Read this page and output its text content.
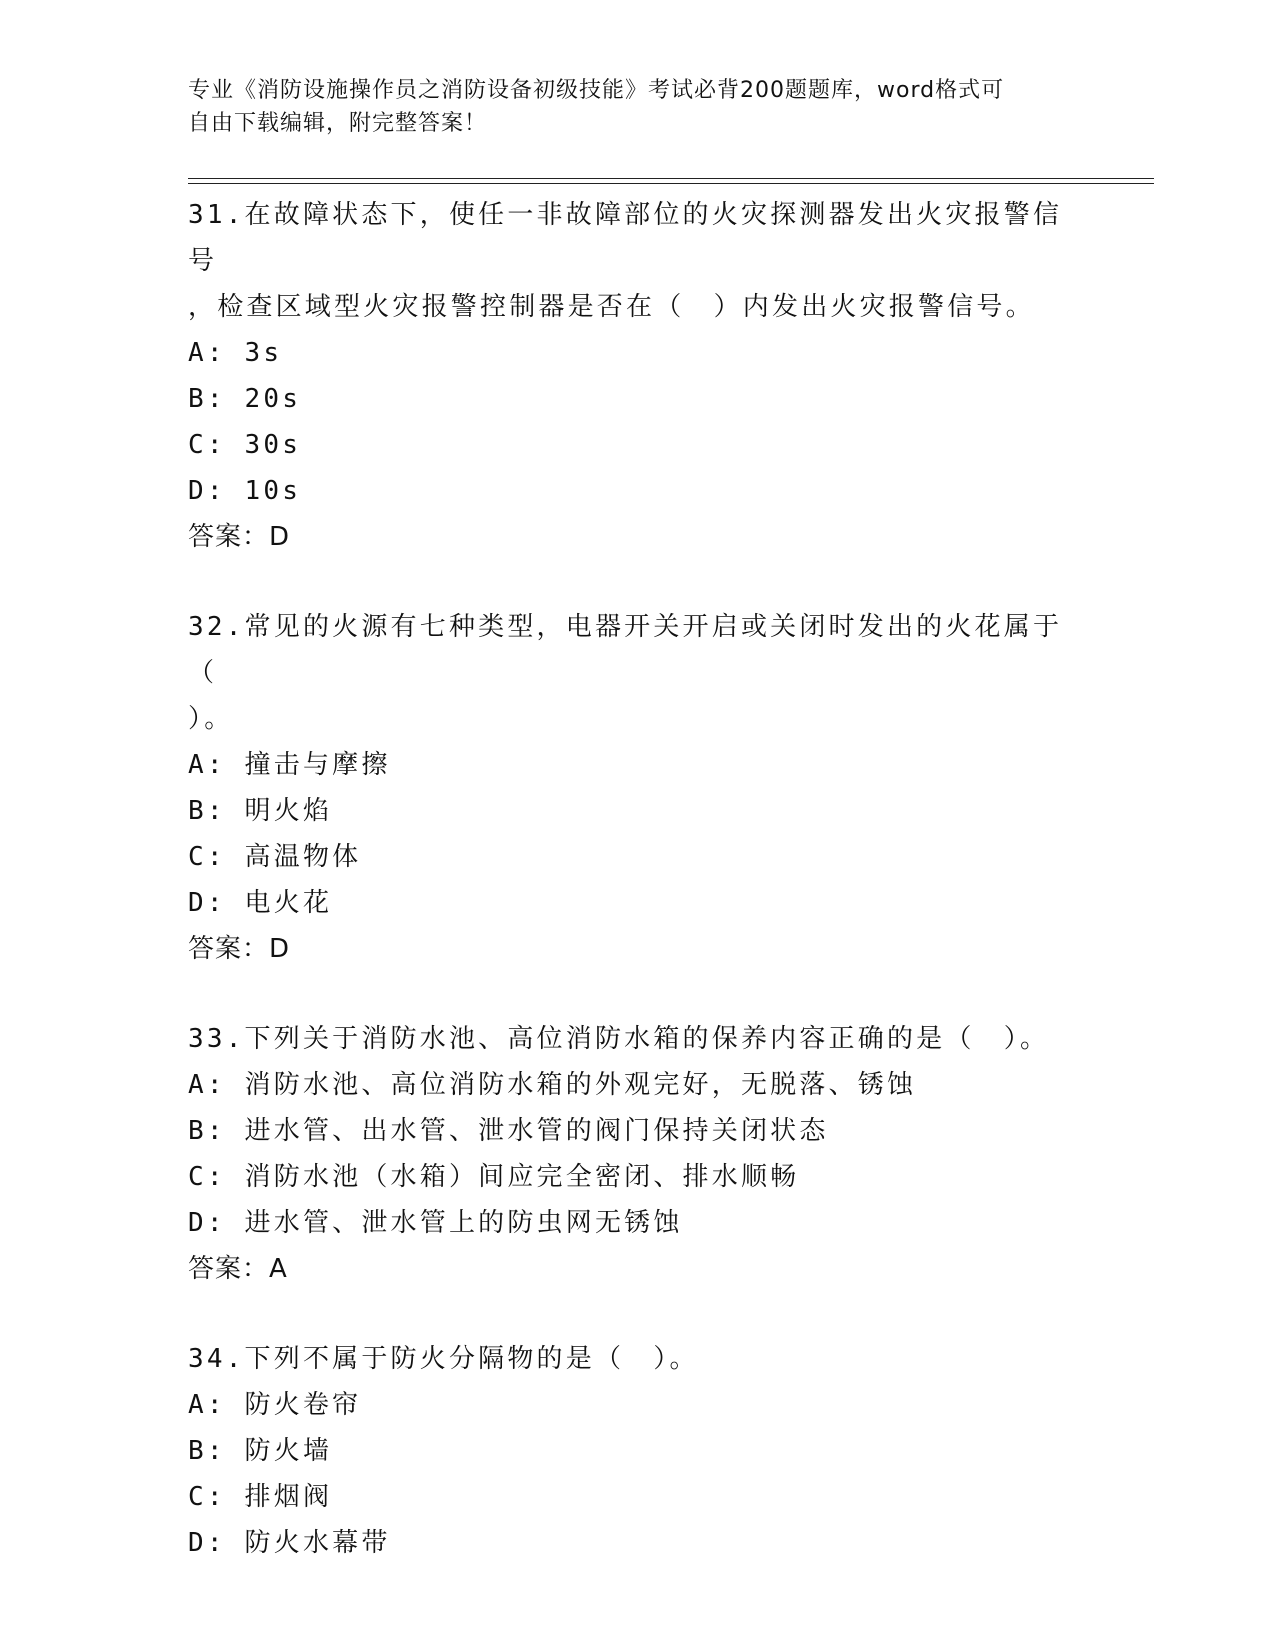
专业《消防设施操作员之消防设备初级技能》考试必背200题题库，word格式可
自由下载编辑，附完整答案！

31.在故障状态下，使任一非故障部位的火灾探测器发出火灾报警信号

，检查区域型火灾报警控制器是否在（　）内发出火灾报警信号。

A: 3s

B: 20s

C: 30s

D: 10s

答案：D

32.常见的火源有七种类型，电器开关开启或关闭时发出的火花属于（

）。

A: 撞击与摩擦

B: 明火焰

C: 高温物体

D: 电火花

答案：D

33.下列关于消防水池、高位消防水箱的保养内容正确的是（　）。

A: 消防水池、高位消防水箱的外观完好，无脱落、锈蚀

B: 进水管、出水管、泄水管的阀门保持关闭状态

C: 消防水池（水箱）间应完全密闭、排水顺畅

D: 进水管、泄水管上的防虫网无锈蚀

答案：A

34.下列不属于防火分隔物的是（　）。

A: 防火卷帘

B: 防火墙

C: 排烟阀

D: 防火水幕带
